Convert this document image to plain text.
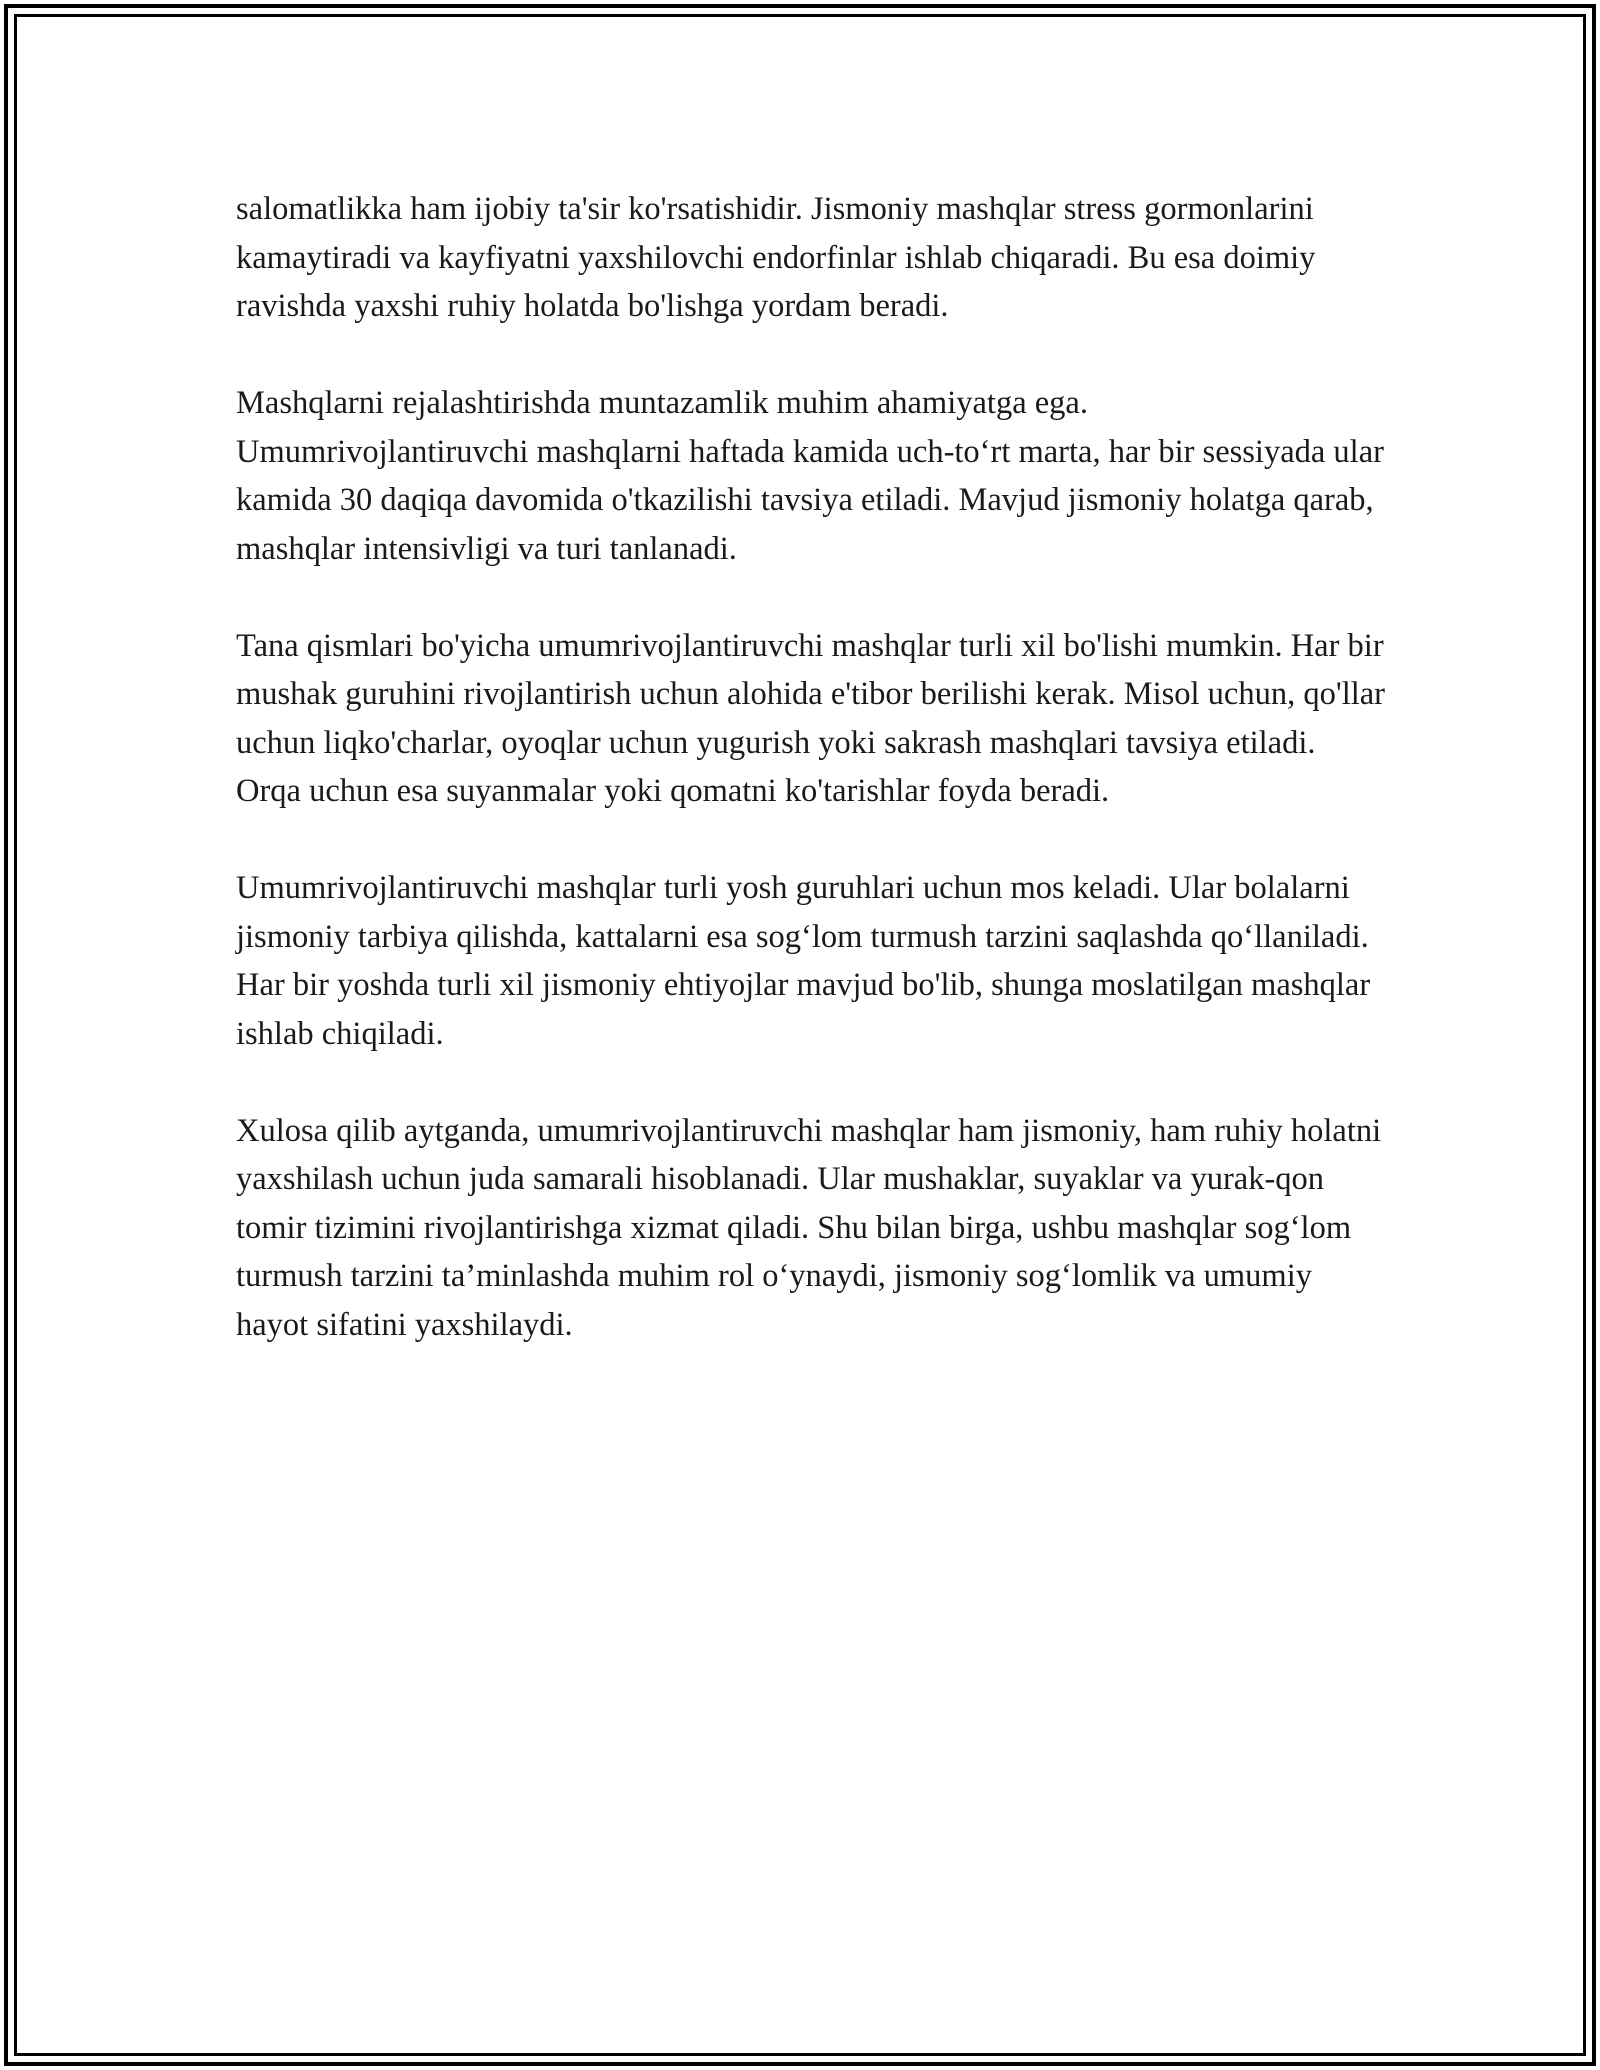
salomatlikka ham ijobiy ta'sir ko'rsatishidir. Jismoniy mashqlar stress gormonlarini kamaytiradi va kayfiyatni yaxshilovchi endorfinlar ishlab chiqaradi. Bu esa doimiy ravishda yaxshi ruhiy holatda bo'lishga yordam beradi.

Mashqlarni rejalashtirishda muntazamlik muhim ahamiyatga ega. Umumrivojlantiruvchi mashqlarni haftada kamida uch-to‘rt marta, har bir sessiyada ular kamida 30 daqiqa davomida o'tkazilishi tavsiya etiladi. Mavjud jismoniy holatga qarab, mashqlar intensivligi va turi tanlanadi.

Tana qismlari bo'yicha umumrivojlantiruvchi mashqlar turli xil bo'lishi mumkin. Har bir mushak guruhini rivojlantirish uchun alohida e'tibor berilishi kerak. Misol uchun, qo'llar uchun liqko'charlar, oyoqlar uchun yugurish yoki sakrash mashqlari tavsiya etiladi. Orqa uchun esa suyanmalar yoki qomatni ko'tarishlar foyda beradi.

Umumrivojlantiruvchi mashqlar turli yosh guruhlari uchun mos keladi. Ular bolalarni jismoniy tarbiya qilishda, kattalarni esa sog‘lom turmush tarzini saqlashda qo‘llaniladi. Har bir yoshda turli xil jismoniy ehtiyojlar mavjud bo'lib, shunga moslatilgan mashqlar ishlab chiqiladi.

Xulosa qilib aytganda, umumrivojlantiruvchi mashqlar ham jismoniy, ham ruhiy holatni yaxshilash uchun juda samarali hisoblanadi. Ular mushaklar, suyaklar va yurak-qon tomir tizimini rivojlantirishga xizmat qiladi. Shu bilan birga, ushbu mashqlar sog‘lom turmush tarzini ta’minlashda muhim rol o‘ynaydi, jismoniy sog‘lomlik va umumiy hayot sifatini yaxshilaydi.
